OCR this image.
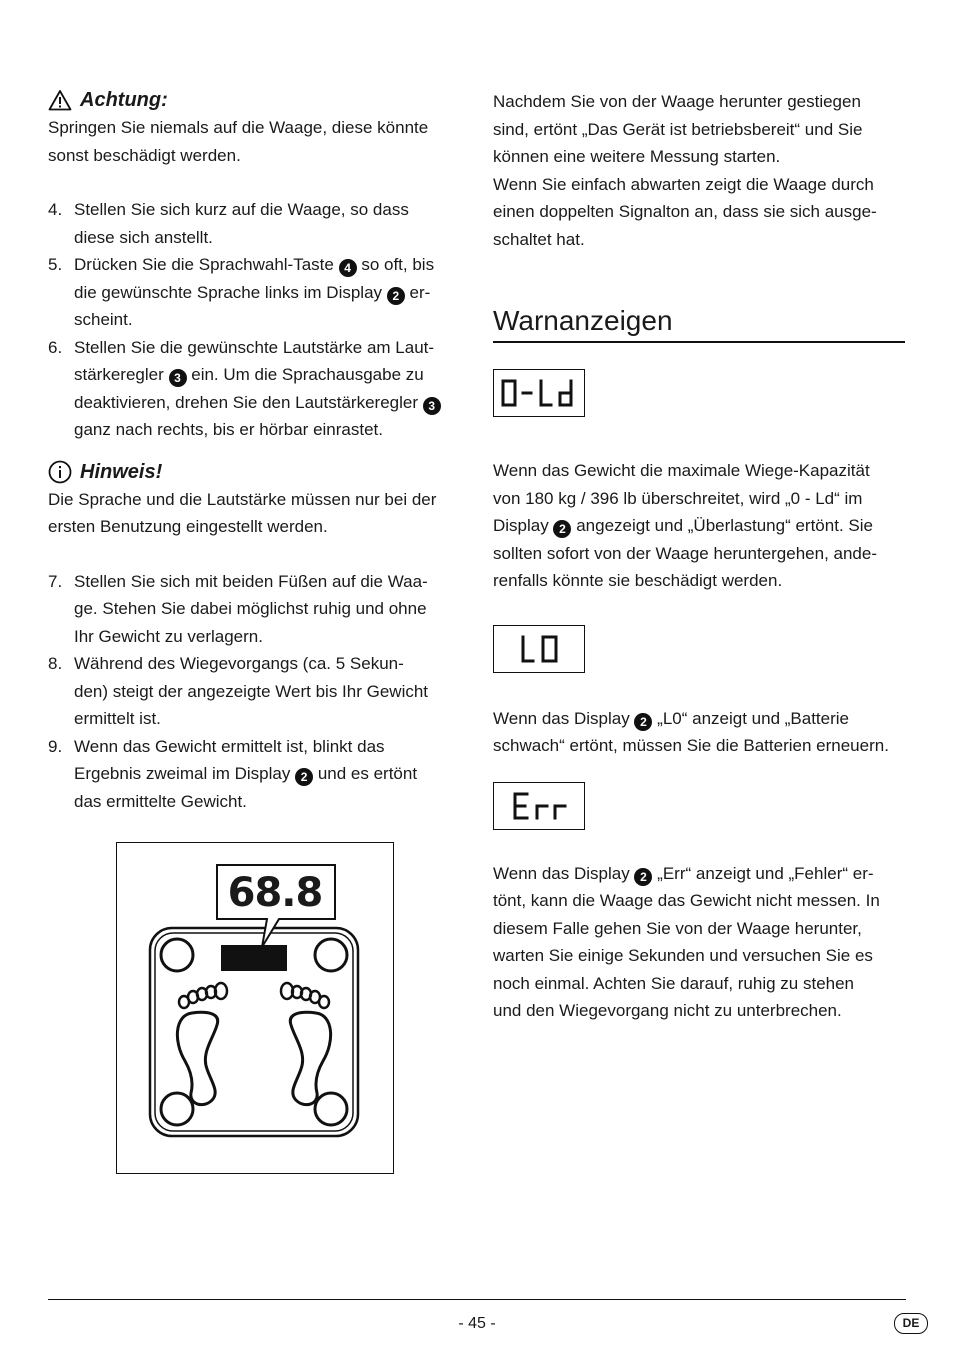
Achtung:

Springen Sie niemals auf die Waage, diese könnte
sonst beschädigt werden.

4. Stellen Sie sich kurz auf die Waage, so dass
diese sich anstellt.
5. Drücken Sie die Sprachwahl-Taste 4 so oft, bis
die gewünschte Sprache links im Display 2 er-
scheint.
6. Stellen Sie die gewünschte Lautstärke am Laut-
stärkeregler 3 ein. Um die Sprachausgabe zu
deaktivieren, drehen Sie den Lautstärkeregler 3
ganz nach rechts, bis er hörbar einrastet.
Hinweis!

Die Sprache und die Lautstärke müssen nur bei der
ersten Benutzung eingestellt werden.

7. Stellen Sie sich mit beiden Füßen auf die Waa-
ge. Stehen Sie dabei möglichst ruhig und ohne
Ihr Gewicht zu verlagern.
8. Während des Wiegevorgangs (ca. 5 Sekun-
den) steigt der angezeigte Wert bis Ihr Gewicht
ermittelt ist.
9. Wenn das Gewicht ermittelt ist, blinkt das
Ergebnis zweimal im Display 2 und es ertönt
das ermittelte Gewicht.
68.8

Nachdem Sie von der Waage herunter gestiegen
sind, ertönt „Das Gerät ist betriebsbereit“ und Sie
können eine weitere Messung starten.
Wenn Sie einfach abwarten zeigt die Waage durch
einen doppelten Signalton an, dass sie sich ausge-
schaltet hat.

Warnanzeigen

Wenn das Gewicht die maximale Wiege-Kapazität
von 180 kg / 396 lb überschreitet, wird „0 - Ld“ im
Display 2 angezeigt und „Überlastung“ ertönt. Sie
sollten sofort von der Waage heruntergehen, ande-
renfalls könnte sie beschädigt werden.

Wenn das Display 2 „L0“ anzeigt und „Batterie
schwach“ ertönt, müssen Sie die Batterien erneuern.

Wenn das Display 2 „Err“ anzeigt und „Fehler“ er-
tönt, kann die Waage das Gewicht nicht messen. In
diesem Falle gehen Sie von der Waage herunter,
warten Sie einige Sekunden und versuchen Sie es
noch einmal. Achten Sie darauf, ruhig zu stehen
und den Wiegevorgang nicht zu unterbrechen.

- 45 -	DE
